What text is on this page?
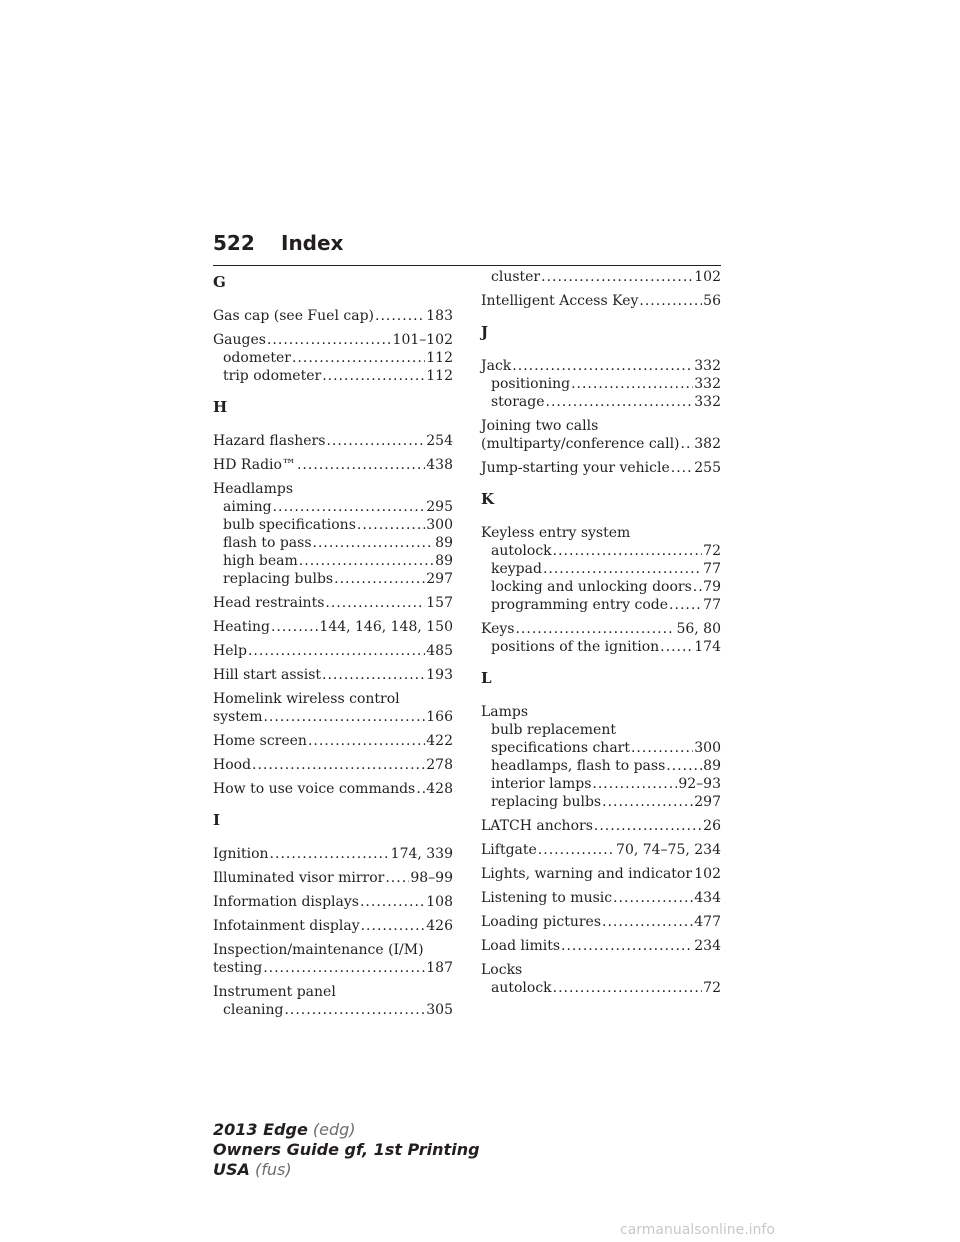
522 Index
G
Gas cap (see Fuel cap) .....	183
Gauges .....	101–102
odometer .....	112
trip odometer .....	112
H
Hazard flashers .....	254
HD Radio™ .....	438
Headlamps
aiming .....	295
bulb specifications .....	300
flash to pass .....	89
high beam .....	89
replacing bulbs .....	297
Head restraints .....	157
Heating .....	144, 146, 148, 150
Help .....	485
Hill start assist .....	193
Homelink wireless control
system .....	166
Home screen .....	422
Hood .....	278
How to use voice commands ..... 428
I
Ignition .....	174, 339
Illuminated visor mirror ..... 98–99
Information displays .....	108
Infotainment display .....	426
Inspection/maintenance (I/M)
testing .....	187
Instrument panel
cleaning .....	305
cluster .....	102
Intelligent Access Key .....	56
J
Jack .....	332
positioning .....	332
storage .....	332
Joining two calls
(multiparty/conference call) ..... 382
Jump-starting your vehicle ..... 255
K
Keyless entry system
autolock .....	72
keypad .....	77
locking and unlocking doors ..... 79
programming entry code .....	77
Keys .....	56, 80
positions of the ignition .....	174
L
Lamps
bulb replacement
specifications chart .....	300
headlamps, flash to pass .....	89
interior lamps .....	92–93
replacing bulbs .....	297
LATCH anchors .....	26
Liftgate .....	70, 74–75, 234
Lights, warning and indicator ..... 102
Listening to music .....	434
Loading pictures .....	477
Load limits .....	234
Locks
autolock .....	72
2013 Edge (edg)
Owners Guide gf, 1st Printing
USA (fus)
carmanualsonline.info
